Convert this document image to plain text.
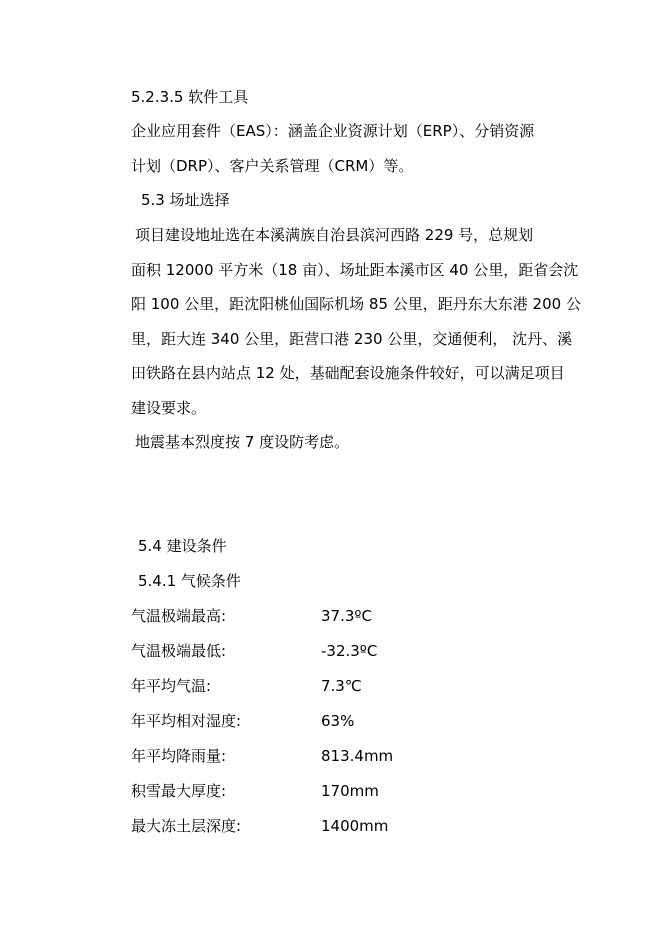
5.2.3.5 软件工具
企业应用套件（EAS）：涵盖企业资源计划（ERP）、分销资源
计划（DRP）、客户关系管理（CRM）等。
5.3 场址选择
项目建设地址选在本溪满族自治县滨河西路 229 号，总规划
面积 12000 平方米（18 亩）、场址距本溪市区 40 公里，距省会沈
阳 100 公里，距沈阳桃仙国际机场 85 公里，距丹东大东港 200 公
里，距大连 340 公里，距营口港 230 公里，交通便利， 沈丹、溪
田铁路在县内站点 12 处，基础配套设施条件较好，可以满足项目
建设要求。
地震基本烈度按 7 度设防考虑。
5.4 建设条件
5.4.1 气候条件
气温极端最高:	37.3ºC
气温极端最低:	-32.3ºC
年平均气温:	7.3℃
年平均相对湿度:	63%
年平均降雨量:	813.4mm
积雪最大厚度:	170mm
最大冻土层深度:	1400mm
